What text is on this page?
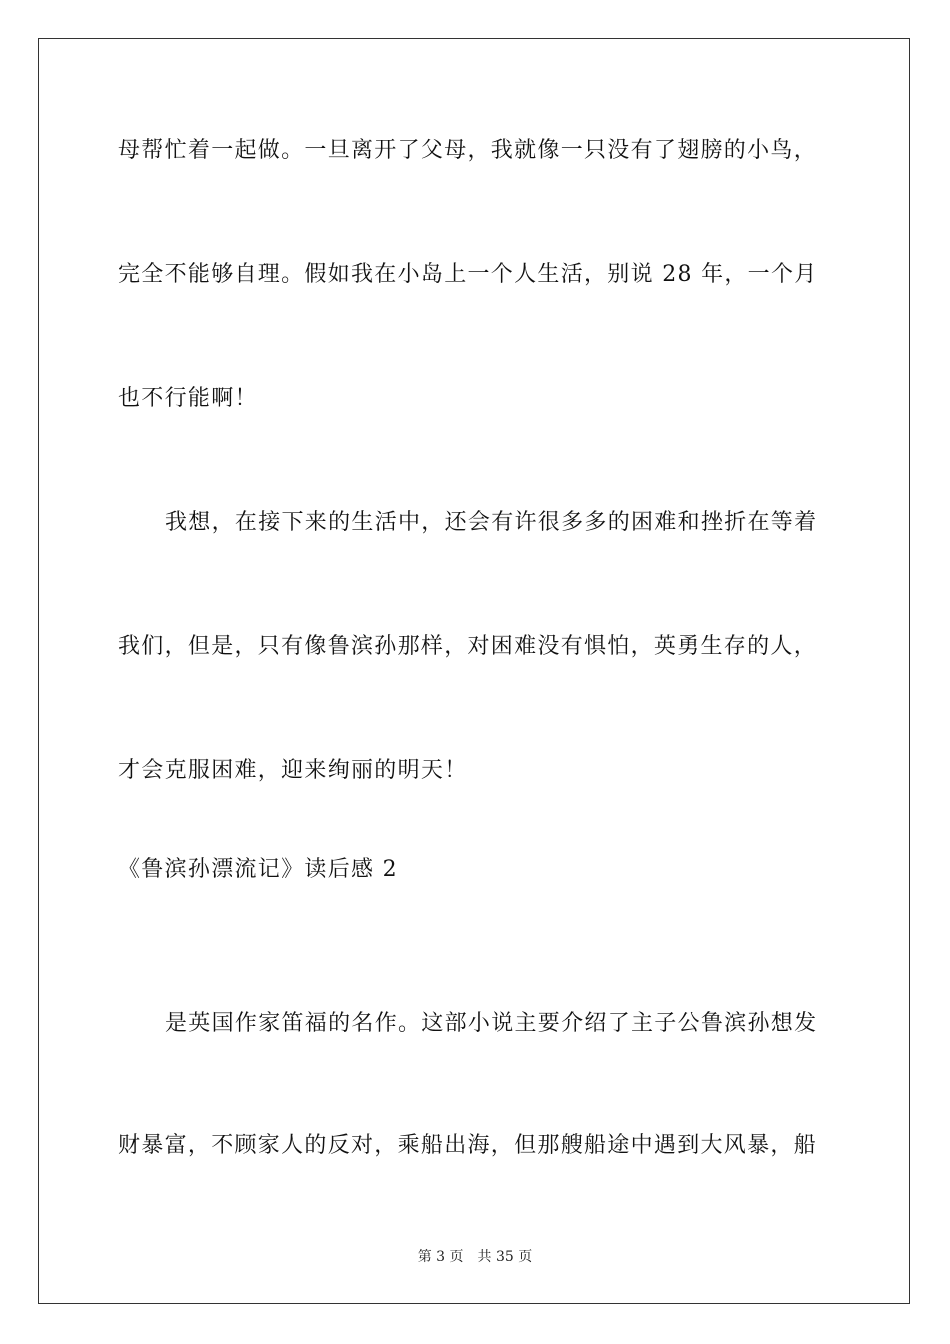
母帮忙着一起做。一旦离开了父母，我就像一只没有了翅膀的小鸟，
完全不能够自理。假如我在小岛上一个人生活，别说 28 年，一个月
也不行能啊！
我想，在接下来的生活中，还会有许很多多的困难和挫折在等着
我们，但是，只有像鲁滨孙那样，对困难没有惧怕，英勇生存的人，
才会克服困难，迎来绚丽的明天！
《鲁滨孙漂流记》读后感 2
是英国作家笛福的名作。这部小说主要介绍了主子公鲁滨孙想发
财暴富，不顾家人的反对，乘船出海，但那艘船途中遇到大风暴，船
第 3 页 共 35 页
